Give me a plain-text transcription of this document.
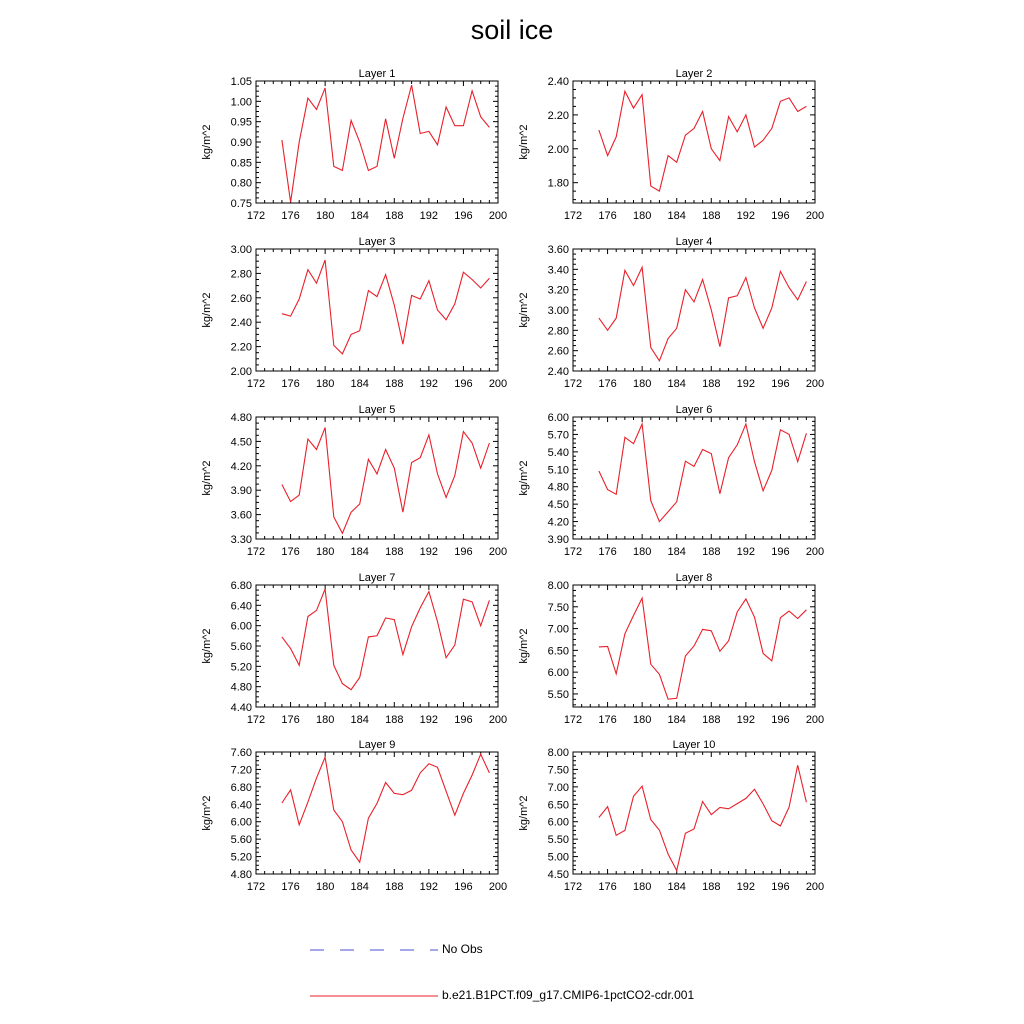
soil ice
172 176 180 184 188 192 196 200
0.75
0.80
0.85
0.90
0.95
1.00
1.05
Layer 1
kg/m^2
172 176 180 184 188 192 196 200
1.80
2.00
2.20
2.40
Layer 2
kg/m^2
172 176 180 184 188 192 196 200
2.00
2.20
2.40
2.60
2.80
3.00
Layer 3
kg/m^2
172 176 180 184 188 192 196 200
2.40
2.60
2.80
3.00
3.20
3.40
3.60
Layer 4
kg/m^2
172 176 180 184 188 192 196 200
3.30
3.60
3.90
4.20
4.50
4.80
Layer 5
kg/m^2
172 176 180 184 188 192 196 200
3.90
4.20
4.50
4.80
5.10
5.40
5.70
6.00
Layer 6
kg/m^2
172 176 180 184 188 192 196 200
4.40
4.80
5.20
5.60
6.00
6.40
6.80
Layer 7
kg/m^2
172 176 180 184 188 192 196 200
5.50
6.00
6.50
7.00
7.50
8.00
Layer 8
kg/m^2
172 176 180 184 188 192 196 200
4.80
5.20
5.60
6.00
6.40
6.80
7.20
7.60
Layer 9
kg/m^2
172 176 180 184 188 192 196 200
4.50
5.00
5.50
6.00
6.50
7.00
7.50
8.00
Layer 10
kg/m^2
No Obs
b.e21.B1PCT.f09_g17.CMIP6-1pctCO2-cdr.001
